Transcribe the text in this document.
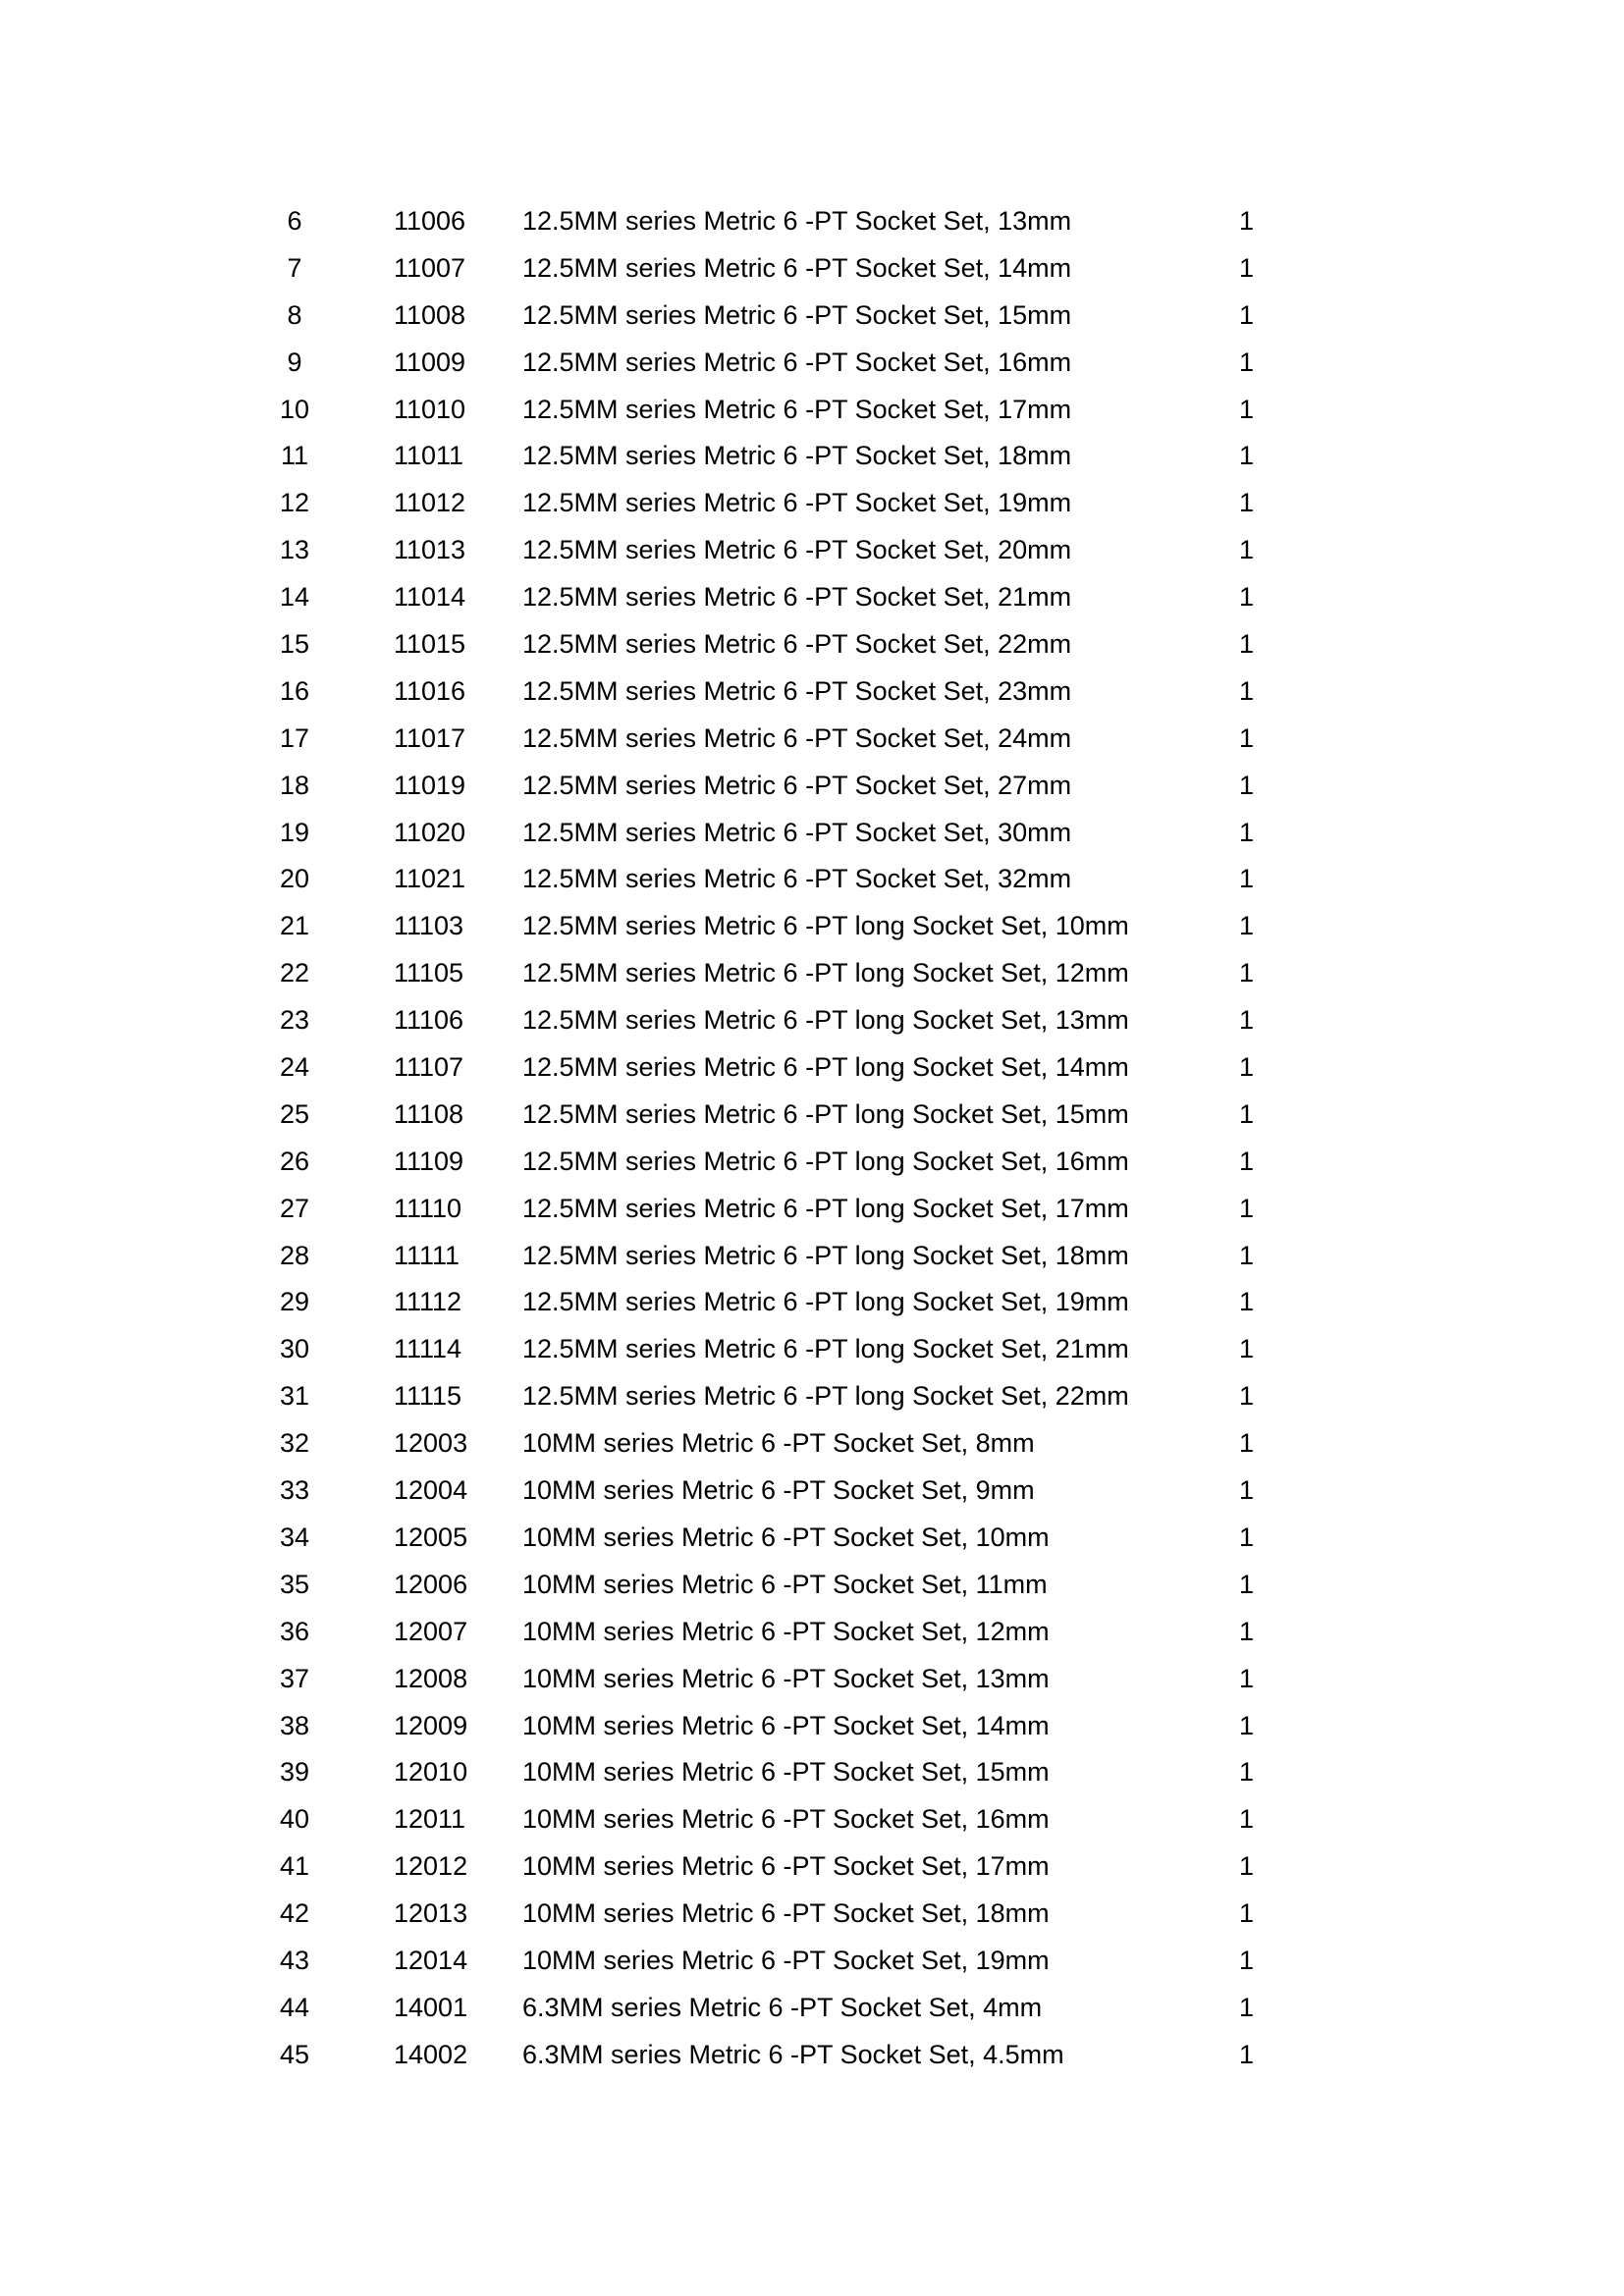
6	11006 12.5MM series Metric 6 -PT Socket Set, 13mm	1
7	11007 12.5MM series Metric 6 -PT Socket Set, 14mm	1
8	11008 12.5MM series Metric 6 -PT Socket Set, 15mm	1
9	11009 12.5MM series Metric 6 -PT Socket Set, 16mm	1
10	11010 12.5MM series Metric 6 -PT Socket Set, 17mm	1
11	11011 12.5MM series Metric 6 -PT Socket Set, 18mm	1
12	11012 12.5MM series Metric 6 -PT Socket Set, 19mm	1
13	11013 12.5MM series Metric 6 -PT Socket Set, 20mm	1
14	11014 12.5MM series Metric 6 -PT Socket Set, 21mm	1
15	11015 12.5MM series Metric 6 -PT Socket Set, 22mm	1
16	11016 12.5MM series Metric 6 -PT Socket Set, 23mm	1
17	11017 12.5MM series Metric 6 -PT Socket Set, 24mm	1
18	11019 12.5MM series Metric 6 -PT Socket Set, 27mm	1
19	11020 12.5MM series Metric 6 -PT Socket Set, 30mm	1
20	11021 12.5MM series Metric 6 -PT Socket Set, 32mm	1
21	11103 12.5MM series Metric 6 -PT long Socket Set, 10mm	1
22	11105 12.5MM series Metric 6 -PT long Socket Set, 12mm	1
23	11106 12.5MM series Metric 6 -PT long Socket Set, 13mm	1
24	11107 12.5MM series Metric 6 -PT long Socket Set, 14mm	1
25	11108 12.5MM series Metric 6 -PT long Socket Set, 15mm	1
26	11109 12.5MM series Metric 6 -PT long Socket Set, 16mm	1
27	11110 12.5MM series Metric 6 -PT long Socket Set, 17mm	1
28	11111 12.5MM series Metric 6 -PT long Socket Set, 18mm	1
29	11112 12.5MM series Metric 6 -PT long Socket Set, 19mm	1
30	11114 12.5MM series Metric 6 -PT long Socket Set, 21mm	1
31	11115 12.5MM series Metric 6 -PT long Socket Set, 22mm	1
32	12003 10MM series Metric 6 -PT Socket Set, 8mm	1
33	12004 10MM series Metric 6 -PT Socket Set, 9mm	1
34	12005 10MM series Metric 6 -PT Socket Set, 10mm	1
35	12006 10MM series Metric 6 -PT Socket Set, 11mm	1
36	12007 10MM series Metric 6 -PT Socket Set, 12mm	1
37	12008 10MM series Metric 6 -PT Socket Set, 13mm	1
38	12009 10MM series Metric 6 -PT Socket Set, 14mm	1
39	12010 10MM series Metric 6 -PT Socket Set, 15mm	1
40	12011 10MM series Metric 6 -PT Socket Set, 16mm	1
41	12012 10MM series Metric 6 -PT Socket Set, 17mm	1
42	12013 10MM series Metric 6 -PT Socket Set, 18mm	1
43	12014 10MM series Metric 6 -PT Socket Set, 19mm	1
44	14001 6.3MM series Metric 6 -PT Socket Set, 4mm	1
45	14002 6.3MM series Metric 6 -PT Socket Set, 4.5mm	1
